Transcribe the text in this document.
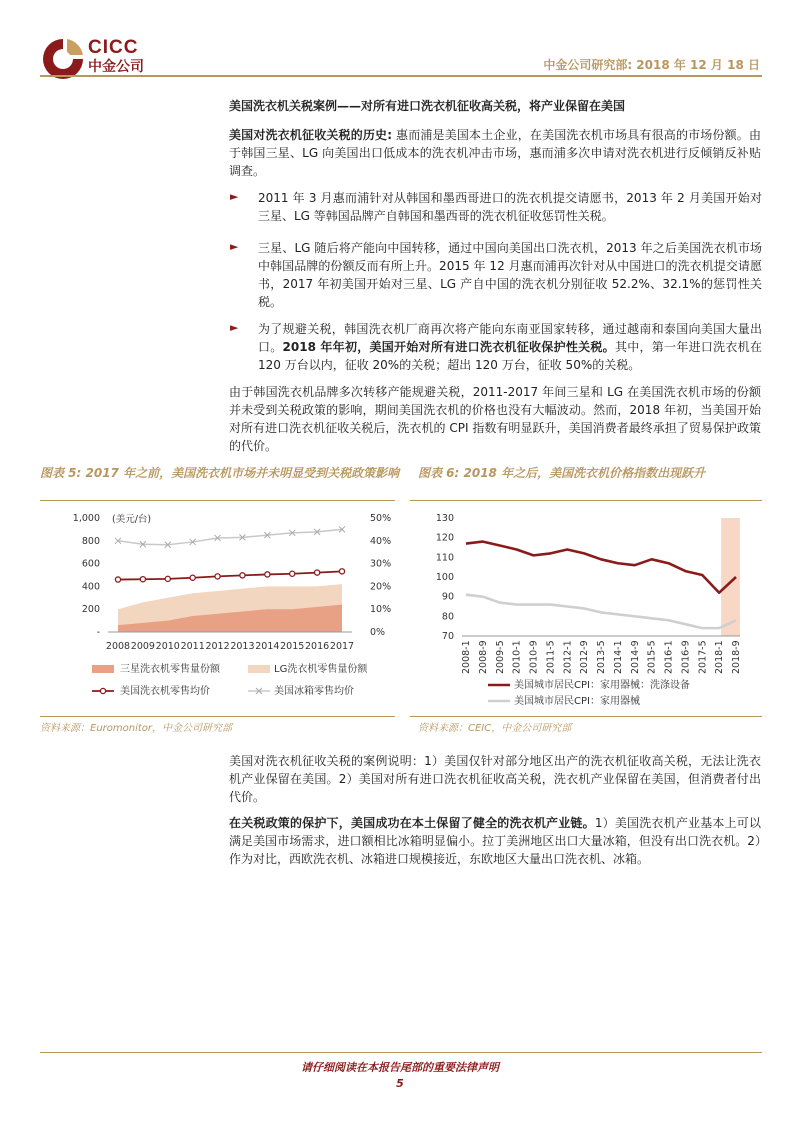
CICC
中金公司	中金公司研究部: 2018 年 12 月 18 日
美国洗衣机关税案例——对所有进口洗衣机征收高关税，将产业保留在美国
美国对洗衣机征收关税的历史: 惠而浦是美国本土企业，在美国洗衣机市场具有很高的市场份额。由于韩国三星、LG 向美国出口低成本的洗衣机冲击市场，惠而浦多次申请对洗衣机进行反倾销反补贴调查。
► 2011 年 3 月惠而浦针对从韩国和墨西哥进口的洗衣机提交请愿书，2013 年 2 月美国开始对三星、LG 等韩国品牌产自韩国和墨西哥的洗衣机征收惩罚性关税。
► 三星、LG 随后将产能向中国转移，通过中国向美国出口洗衣机，2013 年之后美国洗衣机市场中韩国品牌的份额反而有所上升。2015 年 12 月惠而浦再次针对从中国进口的洗衣机提交请愿书，2017 年初美国开始对三星、LG 产自中国的洗衣机分别征收 52.2%、32.1%的惩罚性关税。
► 为了规避关税，韩国洗衣机厂商再次将产能向东南亚国家转移，通过越南和泰国向美国大量出口。2018 年年初，美国开始对所有进口洗衣机征收保护性关税。其中，第一年进口洗衣机在 120 万台以内，征收 20%的关税；超出 120 万台，征收 50%的关税。
由于韩国洗衣机品牌多次转移产能规避关税，2011-2017 年间三星和 LG 在美国洗衣机市场的份额并未受到关税政策的影响，期间美国洗衣机的价格也没有大幅波动。然而，2018 年初，当美国开始对所有进口洗衣机征收关税后，洗衣机的 CPI 指数有明显跃升，美国消费者最终承担了贸易保护政策的代价。
图表 5: 2017 年之前，美国洗衣机市场并未明显受到关税政策影响
(美元/台)
-
200
400
600
800
1,000
0%
10%
20%
30%
40%
50%
2008 2009 2010 2011 2012 2013 2014 2015 2016 2017
三星洗衣机零售量份额	LG洗衣机零售量份额
美国洗衣机零售均价	美国冰箱零售均价
资料来源：Euromonitor，中金公司研究部
图表 6: 2018 年之后，美国洗衣机价格指数出现跃升
70
80
90
100
110
120
130
2008-1 2008-9 2009-5 2010-1 2010-9 2011-5 2012-1 2012-9 2013-5 2014-1 2014-9 2015-5 2016-1 2016-9 2017-5 2018-1 2018-9
美国城市居民CPI：家用器械：洗涤设备
美国城市居民CPI：家用器械
资料来源：CEIC，中金公司研究部
美国对洗衣机征收关税的案例说明：1）美国仅针对部分地区出产的洗衣机征收高关税，无法让洗衣机产业保留在美国。2）美国对所有进口洗衣机征收高关税，洗衣机产业保留在美国，但消费者付出代价。
在关税政策的保护下，美国成功在本土保留了健全的洗衣机产业链。1）美国洗衣机产业基本上可以满足美国市场需求，进口额相比冰箱明显偏小。拉丁美洲地区出口大量冰箱，但没有出口洗衣机。2）作为对比，西欧洗衣机、冰箱进口规模接近，东欧地区大量出口洗衣机、冰箱。
请仔细阅读在本报告尾部的重要法律声明
5
